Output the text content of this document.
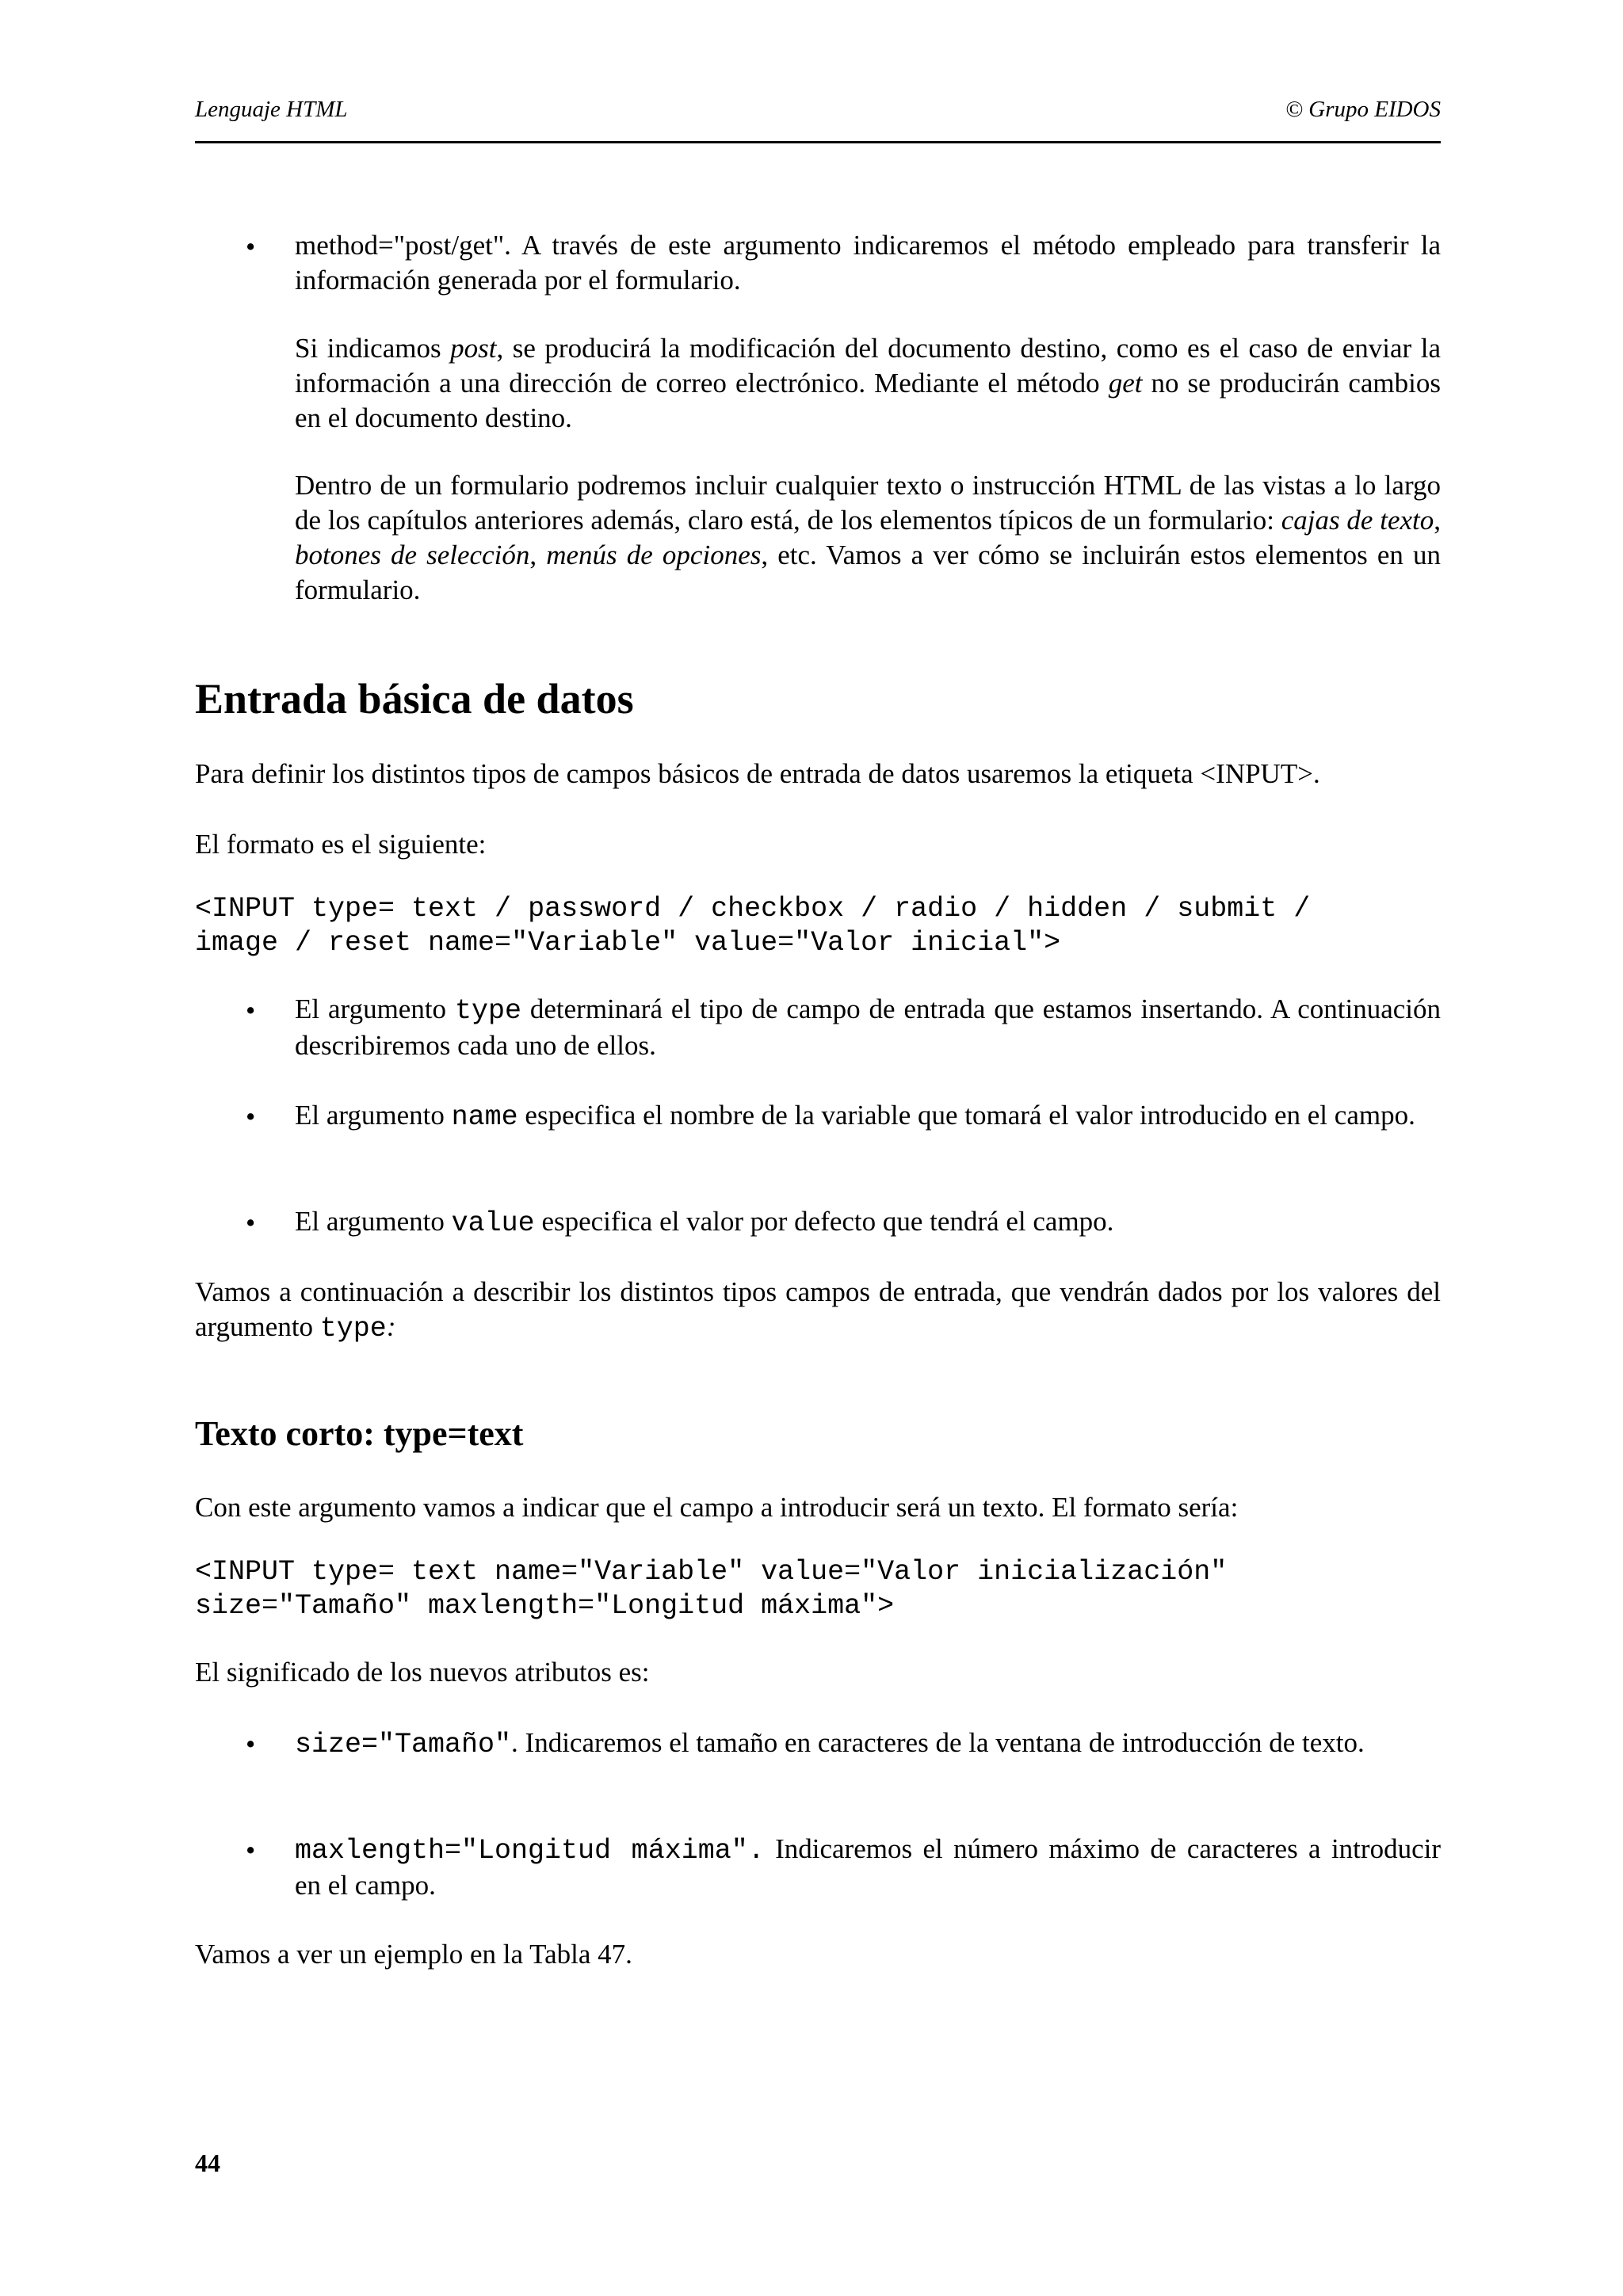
Lenguaje HTML	© Grupo EIDOS
• method="post/get". A través de este argumento indicaremos el método empleado para transferir la información generada por el formulario.
Si indicamos post, se producirá la modificación del documento destino, como es el caso de enviar la información a una dirección de correo electrónico. Mediante el método get no se producirán cambios en el documento destino.
Dentro de un formulario podremos incluir cualquier texto o instrucción HTML de las vistas a lo largo de los capítulos anteriores además, claro está, de los elementos típicos de un formulario: cajas de texto, botones de selección, menús de opciones, etc. Vamos a ver cómo se incluirán estos elementos en un formulario.
Entrada básica de datos
Para definir los distintos tipos de campos básicos de entrada de datos usaremos la etiqueta <INPUT>.
El formato es el siguiente:
<INPUT type= text / password / checkbox / radio / hidden / submit /
image / reset name="Variable" value="Valor inicial">
• El argumento type determinará el tipo de campo de entrada que estamos insertando. A continuación describiremos cada uno de ellos.
• El argumento name especifica el nombre de la variable que tomará el valor introducido en el campo.
• El argumento value especifica el valor por defecto que tendrá el campo.
Vamos a continuación a describir los distintos tipos campos de entrada, que vendrán dados por los valores del argumento type:
Texto corto: type=text
Con este argumento vamos a indicar que el campo a introducir será un texto. El formato sería:
<INPUT type= text name="Variable" value="Valor inicialización"
size="Tamaño" maxlength="Longitud máxima">
El significado de los nuevos atributos es:
• size="Tamaño". Indicaremos el tamaño en caracteres de la ventana de introducción de texto.
• maxlength="Longitud máxima". Indicaremos el número máximo de caracteres a introducir en el campo.
Vamos a ver un ejemplo en la Tabla 47.
44
